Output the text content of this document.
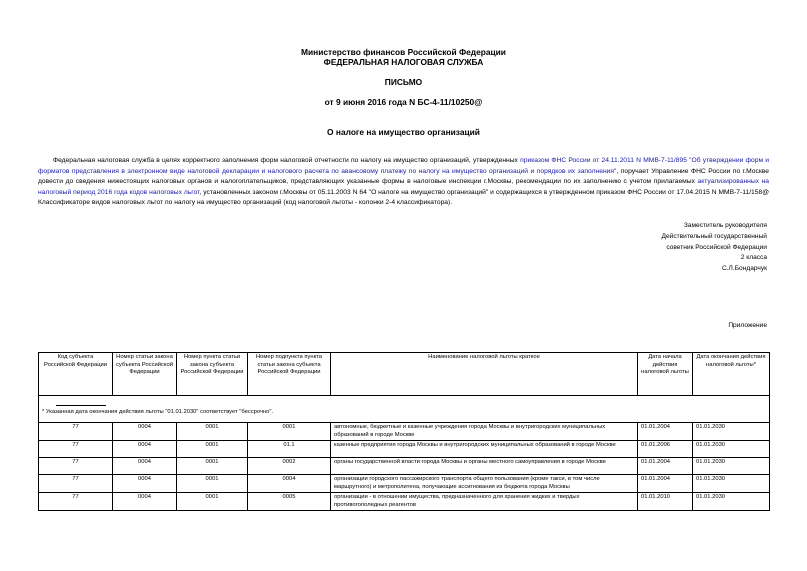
Министерство финансов Российской Федерации
ФЕДЕРАЛЬНАЯ НАЛОГОВАЯ СЛУЖБА
ПИСЬМО
от 9 июня 2016 года N БС-4-11/10250@
О налоге на имущество организаций
Федеральная налоговая служба в целях корректного заполнения форм налоговой отчетности по налогу на имущество организаций, утвержденных приказом ФНС России от 24.11.2011 N ММВ-7-11/895 "Об утверждении форм и форматов представления в электронном виде налоговой декларации и налогового расчета по авансовому платежу по налогу на имущество организаций и порядков их заполнения", поручает Управление ФНС России по г.Москве довести до сведения нижестоящих налоговых органов и налогоплательщиков, представляющих указанные формы в налоговые инспекции г.Москвы, рекомендации по их заполнению с учетом прилагаемых актуализированных на налоговый период 2016 года кодов налоговых льгот, установленных законом г.Москвы от 05.11.2003 N 64 "О налоге на имущество организаций" и содержащихся в утвержденном приказом ФНС России от 17.04.2015 N ММВ-7-11/158@ Классификаторе видов налоговых льгот по налогу на имущество организаций (код налоговой льготы - колонки 2-4 классификатора).
Заместитель руководителя
Действительный государственный
советник Российской Федерации
2 класса
С.Л.Бондарчук
Приложение
Код субъекта Российской Федерации	Номер статьи закона субъекта Российской Федерации	Номер пункта статьи закона субъекта Российской Федерации	Номер подпункта пункта статьи закона субъекта Российской Федерации	Наименование налоговой льготы краткое	Дата начала действия налоговой льготы	Дата окончания действия налоговой льготы*

* Указанная дата окончания действия льготы "01.01.2030" соответствует "бессрочно".						
77	0004	0001	0001	автономные, бюджетные и казенные учреждения города Москвы и внутригородских муниципальных образований в городе Москве	01.01.2004	01.01.2030
77	0004	0001	01.1	казенные предприятия города Москвы и внутригородских муниципальных образований в городе Москве	01.01.2006	01.01.2030
77	0004	0001	0002	органы государственной власти города Москвы и органы местного самоуправления в городе Москве	01.01.2004	01.01.2030
77	0004	0001	0004	организации городского пассажирского транспорта общего пользования (кроме такси, в том числе маршрутного) и метрополитена, получающие ассигнования из бюджета города Москвы	01.01.2004	01.01.2030
77	0004	0001	0005	организации - в отношении имущества, предназначенного для хранения жидких и твердых противогололедных реагентов	01.01.2010	01.01.2030
